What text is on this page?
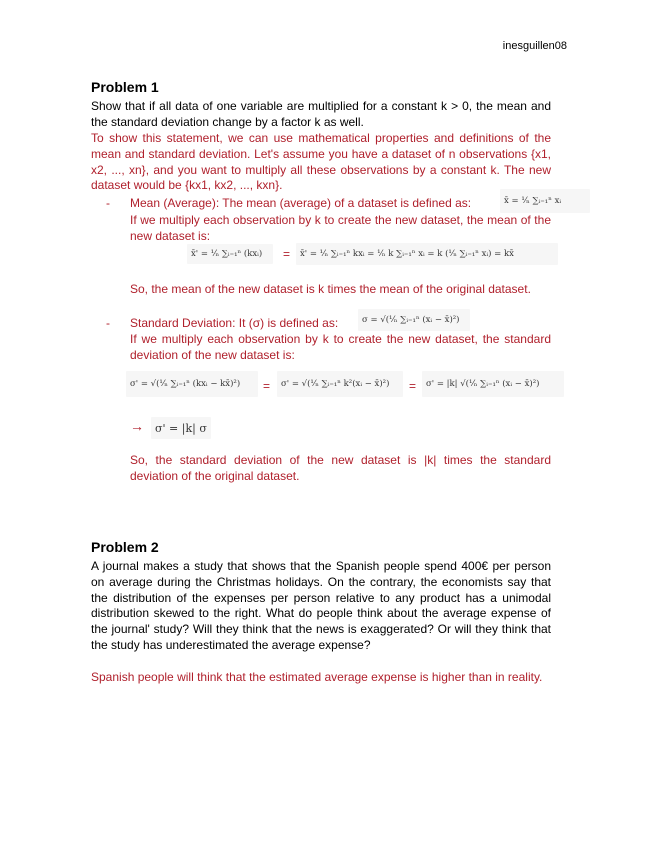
inesguillen08
Problem 1
Show that if all data of one variable are multiplied for a constant k > 0, the mean and the standard deviation change by a factor k as well.
To show this statement, we can use mathematical properties and definitions of the mean and standard deviation. Let's assume you have a dataset of n observations {x1, x2, ..., xn}, and you want to multiply all these observations by a constant k. The new dataset would be {kx1, kx2, ..., kxn}.
- Mean (Average): The mean (average) of a dataset is defined as:	x̄ = ¹⁄ₙ ∑ᵢ₌₁ⁿ xᵢ
If we multiply each observation by k to create the new dataset, the mean of the new dataset is:
x̄' = ¹⁄ₙ ∑ᵢ₌₁ⁿ (kxᵢ)	=	x̄' = ¹⁄ₙ ∑ᵢ₌₁ⁿ kxᵢ = ¹⁄ₙ k ∑ᵢ₌₁ⁿ xᵢ = k (¹⁄ₙ ∑ᵢ₌₁ⁿ xᵢ) = kx̄
So, the mean of the new dataset is k times the mean of the original dataset.
- Standard Deviation: It (σ) is defined as:	σ = √(¹⁄ₙ ∑ᵢ₌₁ⁿ (xᵢ − x̄)²)
If we multiply each observation by k to create the new dataset, the standard deviation of the new dataset is:
σ' = √(¹⁄ₙ ∑ᵢ₌₁ⁿ (kxᵢ − kx̄)²)	=	σ' = √(¹⁄ₙ ∑ᵢ₌₁ⁿ k²(xᵢ − x̄)²)	=	σ' = |k| √(¹⁄ₙ ∑ᵢ₌₁ⁿ (xᵢ − x̄)²)
→	σ' = |k| σ
So, the standard deviation of the new dataset is |k| times the standard deviation of the original dataset.
Problem 2
A journal makes a study that shows that the Spanish people spend 400€ per person on average during the Christmas holidays. On the contrary, the economists say that the distribution of the expenses per person relative to any product has a unimodal distribution skewed to the right. What do people think about the average expense of the journal' study? Will they think that the news is exaggerated? Or will they think that the study has underestimated the average expense?
Spanish people will think that the estimated average expense is higher than in reality.
